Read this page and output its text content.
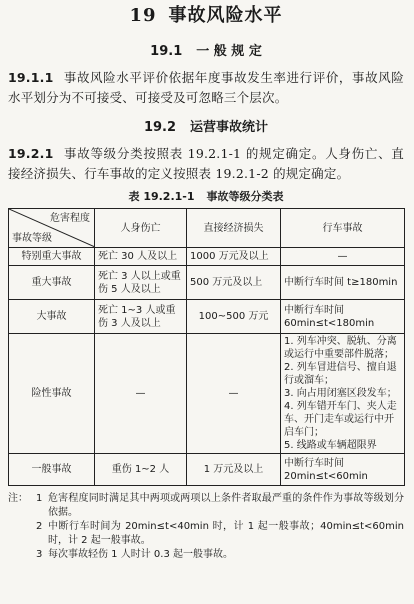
19 事故风险水平
19.1 一 般 规 定
19.1.1 事故风险水平评价依据年度事故发生率进行评价，事故风险水平划分为不可接受、可接受及可忽略三个层次。
19.2 运营事故统计
19.2.1 事故等级分类按照表 19.2.1-1 的规定确定。人身伤亡、直接经济损失、行车事故的定义按照表 19.2.1-2 的规定确定。
表 19.2.1-1 事故等级分类表
危害程度
事故等级	人身伤亡	直接经济损失	行车事故
特别重大事故	死亡 30 人及以上	1000 万元及以上	—
重大事故	死亡 3 人以上或重伤 5 人及以上	500 万元及以上	中断行车时间 t≥180min
大事故	死亡 1~3 人或重伤 3 人及以上	100~500 万元	中断行车时间 60min≤t<180min
险性事故	—	—	1. 列车冲突、脱轨、分离或运行中重要部件脱落；
2. 列车冒进信号、擅自退行或溜车；
3. 向占用闭塞区段发车；
4. 列车错开车门、夹人走车、开门走车或运行中开启车门；
5. 线路或车辆超限界

一般事故	重伤 1~2 人	1 万元及以上	中断行车时间 20min≤t<60min
注： 1 危害程度同时满足其中两项或两项以上条件者取最严重的条件作为事故等级划分依据。
2 中断行车时间为 20min≤t<40min 时，计 1 起一般事故；40min≤t<60min 时，计 2 起一般事故。
3 每次事故轻伤 1 人时计 0.3 起一般事故。
